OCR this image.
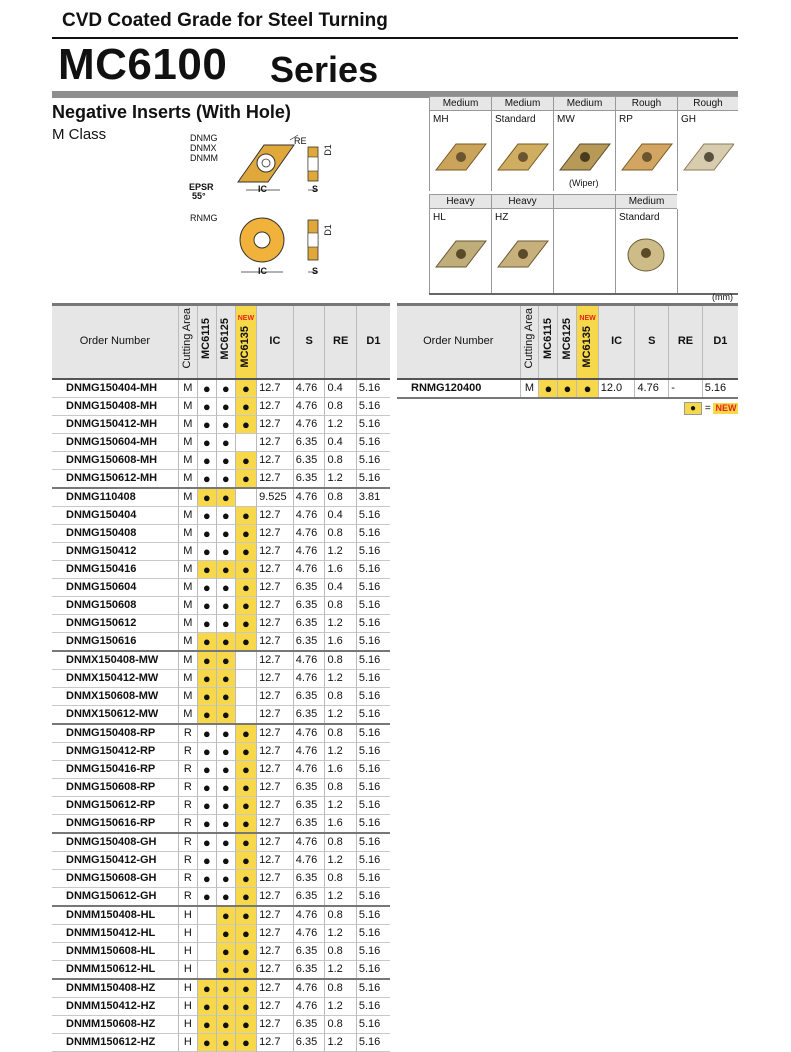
CVD Coated Grade for Steel Turning
MC6100 Series
Negative Inserts (With Hole)
M Class	DNMG
DNMX
DNMM
RNMG
RE
D1
EPSR
55°
IC	S
D1
IC	S
Medium	Medium	Medium	Rough	Rough
MH	Standard MW	RP	GH
(Wiper)
Heavy	Heavy	Medium
HL	HZ	Standard
(mm)
Order Number	Cutting Area	MC6115	MC6125	NEW
MC6135	IC	S	RE	D1
DNMG150404-MH	M	●	●	●	12.7	4.76	0.4	5.16
DNMG150408-MH	M	●	●	●	12.7	4.76	0.8	5.16
DNMG150412-MH	M	●	●	●	12.7	4.76	1.2	5.16
DNMG150604-MH	M	●	●		12.7	6.35	0.4	5.16
DNMG150608-MH	M	●	●	●	12.7	6.35	0.8	5.16
DNMG150612-MH	M	●	●	●	12.7	6.35	1.2	5.16
DNMG110408	M	●	●		9.525	4.76	0.8	3.81
DNMG150404	M	●	●	●	12.7	4.76	0.4	5.16
DNMG150408	M	●	●	●	12.7	4.76	0.8	5.16
DNMG150412	M	●	●	●	12.7	4.76	1.2	5.16
DNMG150416	M	●	●	●	12.7	4.76	1.6	5.16
DNMG150604	M	●	●	●	12.7	6.35	0.4	5.16
DNMG150608	M	●	●	●	12.7	6.35	0.8	5.16
DNMG150612	M	●	●	●	12.7	6.35	1.2	5.16
DNMG150616	M	●	●	●	12.7	6.35	1.6	5.16
DNMX150408-MW	M	●	●		12.7	4.76	0.8	5.16
DNMX150412-MW	M	●	●		12.7	4.76	1.2	5.16
DNMX150608-MW	M	●	●		12.7	6.35	0.8	5.16
DNMX150612-MW	M	●	●		12.7	6.35	1.2	5.16
DNMG150408-RP	R	●	●	●	12.7	4.76	0.8	5.16
DNMG150412-RP	R	●	●	●	12.7	4.76	1.2	5.16
DNMG150416-RP	R	●	●	●	12.7	4.76	1.6	5.16
DNMG150608-RP	R	●	●	●	12.7	6.35	0.8	5.16
DNMG150612-RP	R	●	●	●	12.7	6.35	1.2	5.16
DNMG150616-RP	R	●	●	●	12.7	6.35	1.6	5.16
DNMG150408-GH	R	●	●	●	12.7	4.76	0.8	5.16
DNMG150412-GH	R	●	●	●	12.7	4.76	1.2	5.16
DNMG150608-GH	R	●	●	●	12.7	6.35	0.8	5.16
DNMG150612-GH	R	●	●	●	12.7	6.35	1.2	5.16
DNMM150408-HL	H		●	●	12.7	4.76	0.8	5.16
DNMM150412-HL	H		●	●	12.7	4.76	1.2	5.16
DNMM150608-HL	H		●	●	12.7	6.35	0.8	5.16
DNMM150612-HL	H		●	●	12.7	6.35	1.2	5.16
DNMM150408-HZ	H	●	●	●	12.7	4.76	0.8	5.16
DNMM150412-HZ	H	●	●	●	12.7	4.76	1.2	5.16
DNMM150608-HZ	H	●	●	●	12.7	6.35	0.8	5.16
DNMM150612-HZ	H	●	●	●	12.7	6.35	1.2	5.16
Order Number	Cutting Area	MC6115	MC6125	NEW
MC6135	IC	S	RE	D1
RNMG120400	M	●	●	●	12.0	4.76	-	5.16
● = NEW
